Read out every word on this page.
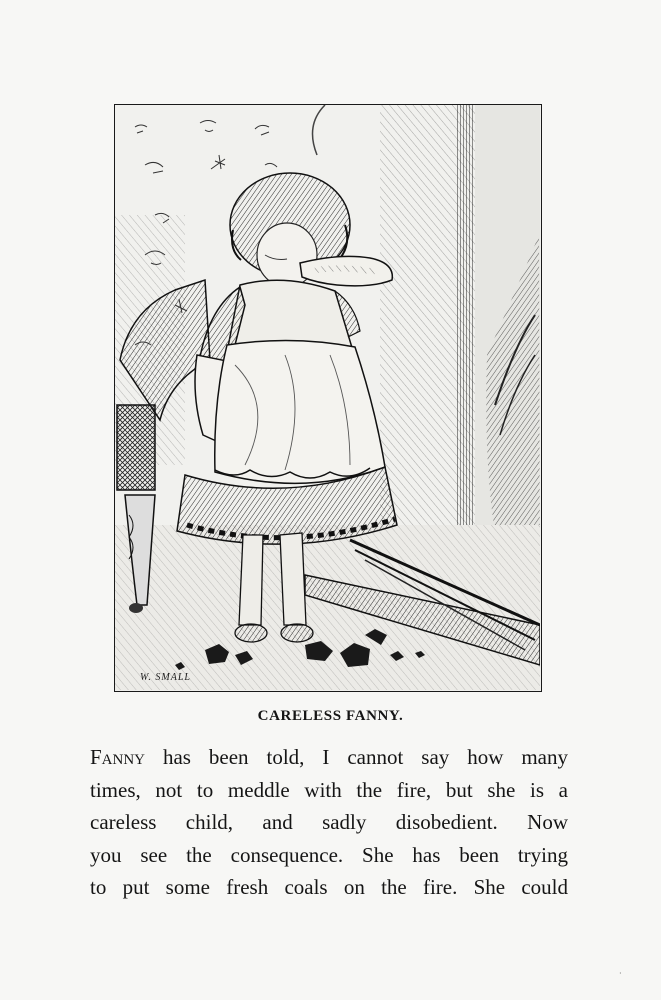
W. SMALL
CARELESS FANNY.
Fanny has been told, I cannot say how many
times, not to meddle with the fire, but she is a
careless child, and sadly disobedient. Now
you see the consequence. She has been trying
to put some fresh coals on the fire. She could
·
